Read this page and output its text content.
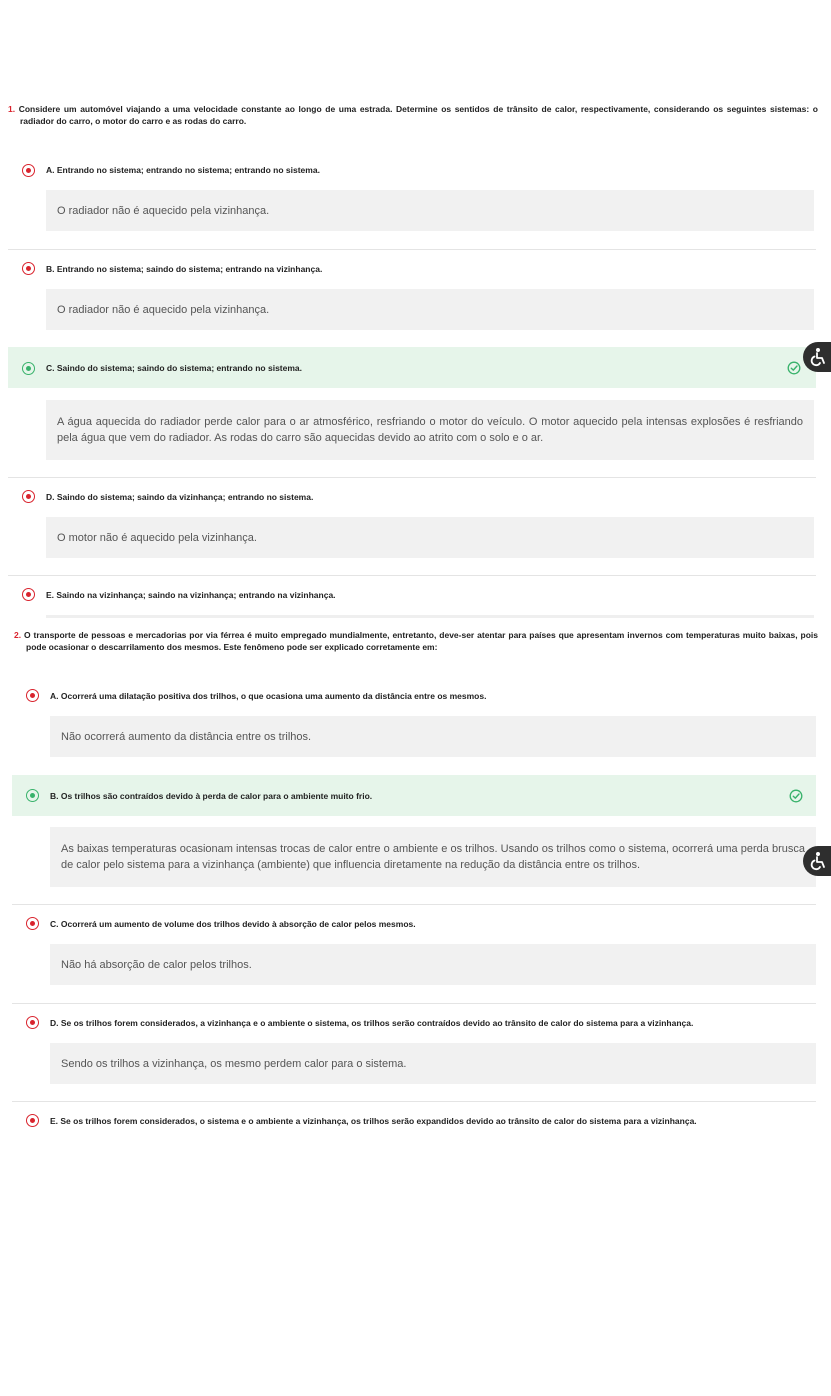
1. Considere um automóvel viajando a uma velocidade constante ao longo de uma estrada. Determine os sentidos de trânsito de calor, respectivamente, considerando os seguintes sistemas: o radiador do carro, o motor do carro e as rodas do carro.
A. Entrando no sistema; entrando no sistema; entrando no sistema.
O radiador não é aquecido pela vizinhança.
B. Entrando no sistema; saindo do sistema; entrando na vizinhança.
O radiador não é aquecido pela vizinhança.
C. Saindo do sistema; saindo do sistema; entrando no sistema.
A água aquecida do radiador perde calor para o ar atmosférico, resfriando o motor do veículo. O motor aquecido pela intensas explosões é resfriando pela água que vem do radiador. As rodas do carro são aquecidas devido ao atrito com o solo e o ar.
D. Saindo do sistema; saindo da vizinhança; entrando no sistema.
O motor não é aquecido pela vizinhança.
E. Saindo na vizinhança; saindo na vizinhança; entrando na vizinhança.
2. O transporte de pessoas e mercadorias por via férrea é muito empregado mundialmente, entretanto, deve-ser atentar para países que apresentam invernos com temperaturas muito baixas, pois pode ocasionar o descarrilamento dos mesmos. Este fenômeno pode ser explicado corretamente em:
A. Ocorrerá uma dilatação positiva dos trilhos, o que ocasiona uma aumento da distância entre os mesmos.
Não ocorrerá aumento da distância entre os trilhos.
B. Os trilhos são contraídos devido à perda de calor para o ambiente muito frio.
As baixas temperaturas ocasionam intensas trocas de calor entre o ambiente e os trilhos. Usando os trilhos como o sistema, ocorrerá uma perda brusca de calor pelo sistema para a vizinhança (ambiente) que influencia diretamente na redução da distância entre os trilhos.
C. Ocorrerá um aumento de volume dos trilhos devido à absorção de calor pelos mesmos.
Não há absorção de calor pelos trilhos.
D. Se os trilhos forem considerados, a vizinhança e o ambiente o sistema, os trilhos serão contraídos devido ao trânsito de calor do sistema para a vizinhança.
Sendo os trilhos a vizinhança, os mesmo perdem calor para o sistema.
E. Se os trilhos forem considerados, o sistema e o ambiente a vizinhança, os trilhos serão expandidos devido ao trânsito de calor do sistema para a vizinhança.
